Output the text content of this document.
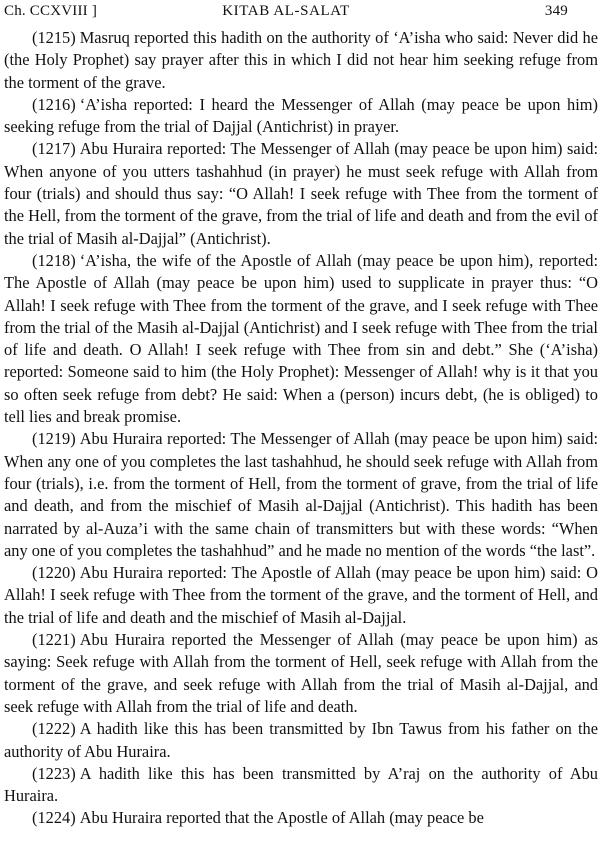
Ch. CCXVIII ]	KITAB AL-SALAT	349

(1215) Masruq reported this hadith on the authority of ‘A’isha who said: Never did he (the Holy Prophet) say prayer after this in which I did not hear him seeking refuge from the torment of the grave.

(1216) ‘A’isha reported: I heard the Messenger of Allah (may peace be upon him) seeking refuge from the trial of Dajjal (Antichrist) in prayer.

(1217) Abu Huraira reported: The Messenger of Allah (may peace be upon him) said: When anyone of you utters tashahhud (in prayer) he must seek refuge with Allah from four (trials) and should thus say: “O Allah! I seek refuge with Thee from the torment of the Hell, from the torment of the grave, from the trial of life and death and from the evil of the trial of Masih al-Dajjal” (Antichrist).

(1218) ‘A’isha, the wife of the Apostle of Allah (may peace be upon him), reported: The Apostle of Allah (may peace be upon him) used to supplicate in prayer thus: “O Allah! I seek refuge with Thee from the torment of the grave, and I seek refuge with Thee from the trial of the Masih al-Dajjal (Antichrist) and I seek refuge with Thee from the trial of life and death. O Allah! I seek refuge with Thee from sin and debt.” She (‘A’isha) reported: Someone said to him (the Holy Prophet): Messenger of Allah! why is it that you so often seek refuge from debt? He said: When a (person) incurs debt, (he is obliged) to tell lies and break promise.

(1219) Abu Huraira reported: The Messenger of Allah (may peace be upon him) said: When any one of you completes the last tashahhud, he should seek refuge with Allah from four (trials), i.e. from the torment of Hell, from the torment of grave, from the trial of life and death, and from the mischief of Masih al-Dajjal (Antichrist). This hadith has been narrated by al-Auza’i with the same chain of transmitters but with these words: “When any one of you completes the tashahhud” and he made no mention of the words “the last”.

(1220) Abu Huraira reported: The Apostle of Allah (may peace be upon him) said: O Allah! I seek refuge with Thee from the torment of the grave, and the torment of Hell, and the trial of life and death and the mischief of Masih al-Dajjal.

(1221) Abu Huraira reported the Messenger of Allah (may peace be upon him) as saying: Seek refuge with Allah from the torment of Hell, seek refuge with Allah from the torment of the grave, and seek refuge with Allah from the trial of Masih al-Dajjal, and seek refuge with Allah from the trial of life and death.

(1222) A hadith like this has been transmitted by Ibn Tawus from his father on the authority of Abu Huraira.

(1223) A hadith like this has been transmitted by A’raj on the authority of Abu Huraira.

(1224) Abu Huraira reported that the Apostle of Allah (may peace be
